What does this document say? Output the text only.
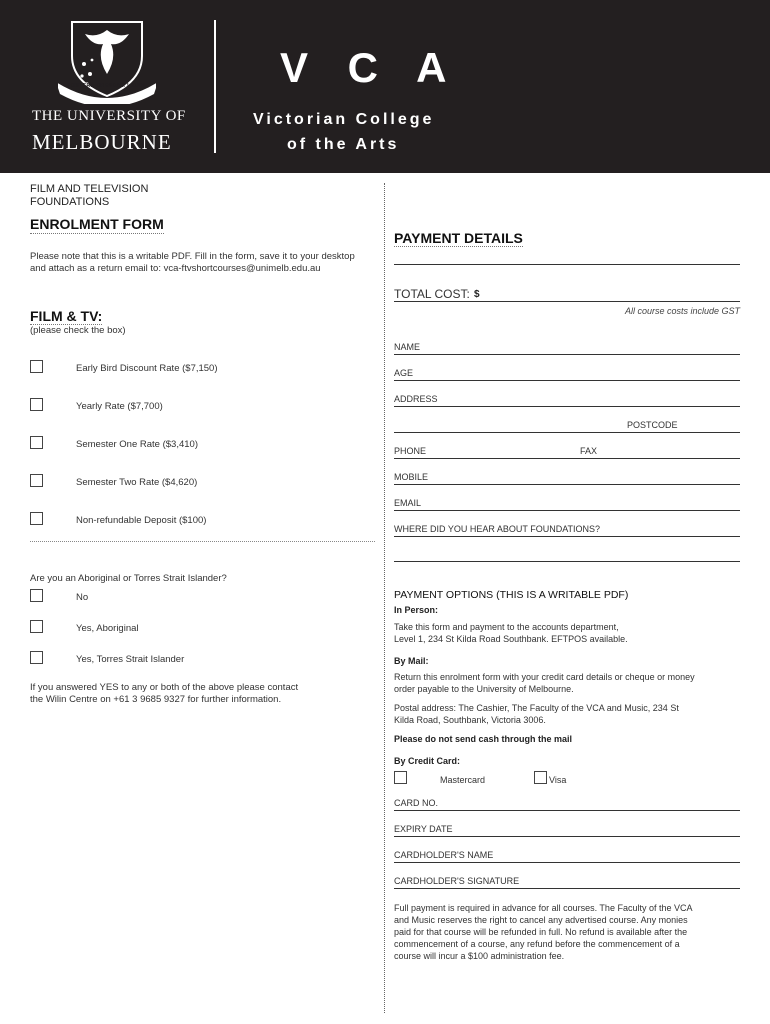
POSTERA CRESCAM LAUDE
THE UNIVERSITY OF
MELBOURNE
V C A
Victorian College
of the Arts
FILM AND TELEVISION
FOUNDATIONS
ENROLMENT FORM
Please note that this is a writable PDF. Fill in the form, save it to your desktop
and attach as a return email to: vca-ftvshortcourses@unimelb.edu.au
FILM & TV:
(please check the box)
Early Bird Discount Rate ($7,150)
Yearly Rate ($7,700)
Semester One Rate ($3,410)
Semester Two Rate ($4,620)
Non-refundable Deposit ($100)
Are you an Aboriginal or Torres Strait Islander?
No
Yes, Aboriginal
Yes, Torres Strait Islander
If you answered YES to any or both of the above please contact
the Wilin Centre on +61 3 9685 9327 for further information.
PAYMENT DETAILS
TOTAL COST: $
All course costs include GST
NAME
AGE
ADDRESS
POSTCODE
PHONE	FAX
MOBILE
EMAIL
WHERE DID YOU HEAR ABOUT FOUNDATIONS?
PAYMENT OPTIONS (THIS IS A WRITABLE PDF)
In Person:
Take this form and payment to the accounts department,
Level 1, 234 St Kilda Road Southbank. EFTPOS available.
By Mail:
Return this enrolment form with your credit card details or cheque or money
order payable to the University of Melbourne.
Postal address: The Cashier, The Faculty of the VCA and Music, 234 St
Kilda Road, Southbank, Victoria 3006.
Please do not send cash through the mail
By Credit Card:
Mastercard	Visa
CARD NO.
EXPIRY DATE
CARDHOLDER'S NAME
CARDHOLDER'S SIGNATURE
Full payment is required in advance for all courses. The Faculty of the VCA
and Music reserves the right to cancel any advertised course. Any monies
paid for that course will be refunded in full. No refund is available after the
commencement of a course, any refund before the commencement of a
course will incur a $100 administration fee.
